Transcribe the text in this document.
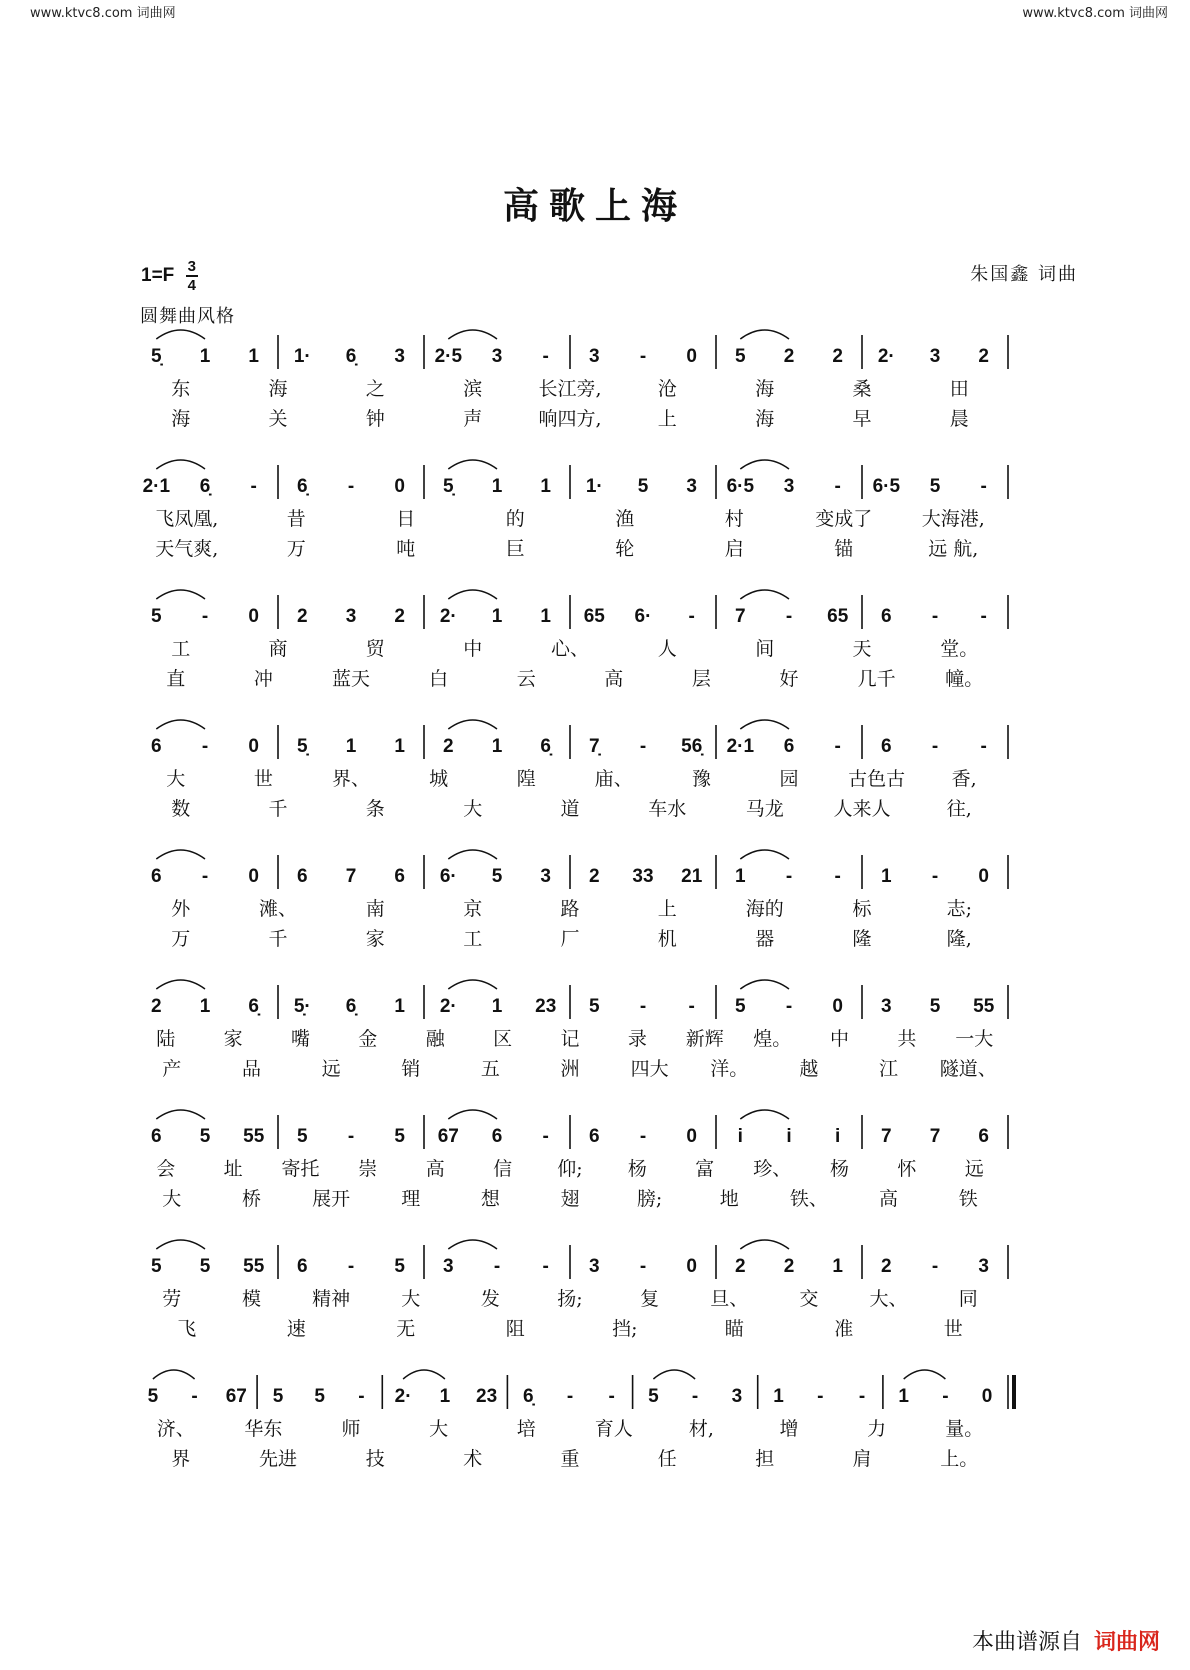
www.ktvc8.com 词曲网	www.ktvc8.com 词曲网
高歌上海
$1=F \frac{3}{4}$	朱国鑫 词曲
圆舞曲风格
5̣ 1 1 1· 6̣ 3 2·5 3 - 3 - 0 5 2 2 2· 3 2
东	海	之	滨	长江旁,	沧	海	桑	田
海	关	钟	声	响四方,	上	海	早	晨
2·1 6̣ - 6̣ - 0 5̣ 1 1 1· 5 3 6·5 3 - 6·5 5 -
飞凤凰,	昔	日	的	渔	村	变成了	大海港,
天气爽,	万	吨	巨	轮	启	锚	远 航,
5 - 0 2 3 2 2· 1 1 65 6· - 7 - 65 6 - -
工	商	贸	中	心、	人	间	天	堂。
直	冲	蓝天	白	云	高	层	好	几千	幢。
6 - 0 5̣ 1 1 2 1 6̣ 7̣ - 56̣ 2·1 6 - 6 - -
大	世	界、	城	隍	庙、	豫	园	古色古 香,
数	千	条	大	道	车水	马龙	人来人	往,
6 - 0 6 7 6 6· 5 3 2 33 21 1 - - 1 - 0
外	滩、	南	京	路	上	海的	标	志;
万	千	家	工	厂	机	器	隆	隆,
2 1 6̣ 5̣· 6̣ 1 2· 1 23 5 - - 5 - 0 3 5 55
陆	家	嘴	金	融	区	记	录 新辉 煌。 中	共 一大
产	品	远	销	五	洲	四大 洋。	越	江 隧道、
6 5 55 5 - 5 67 6 - 6 - 0 i i i 7 7 6
会	址 寄托 崇	高	信 仰; 杨	富 珍、 杨	怀	远
大	桥	展开	理	想	翅	膀;	地	铁、	高	铁
5 5 55 6 - 5 3 - - 3 - 0 2 2 1 2 - 3
劳	模	精神	大	发	扬;	复	旦、	交	大、	同
飞	速	无	阻	挡;	瞄	准	世
5 - 67 5 5 - 2· 1 23 6̣ - - 5 - 3 1 - - 1 - 0
济、	华东	师	大	培	育人	材,	增	力	量。
界	先进	技	术	重	任	担	肩	上。
本曲谱源自 词曲网
